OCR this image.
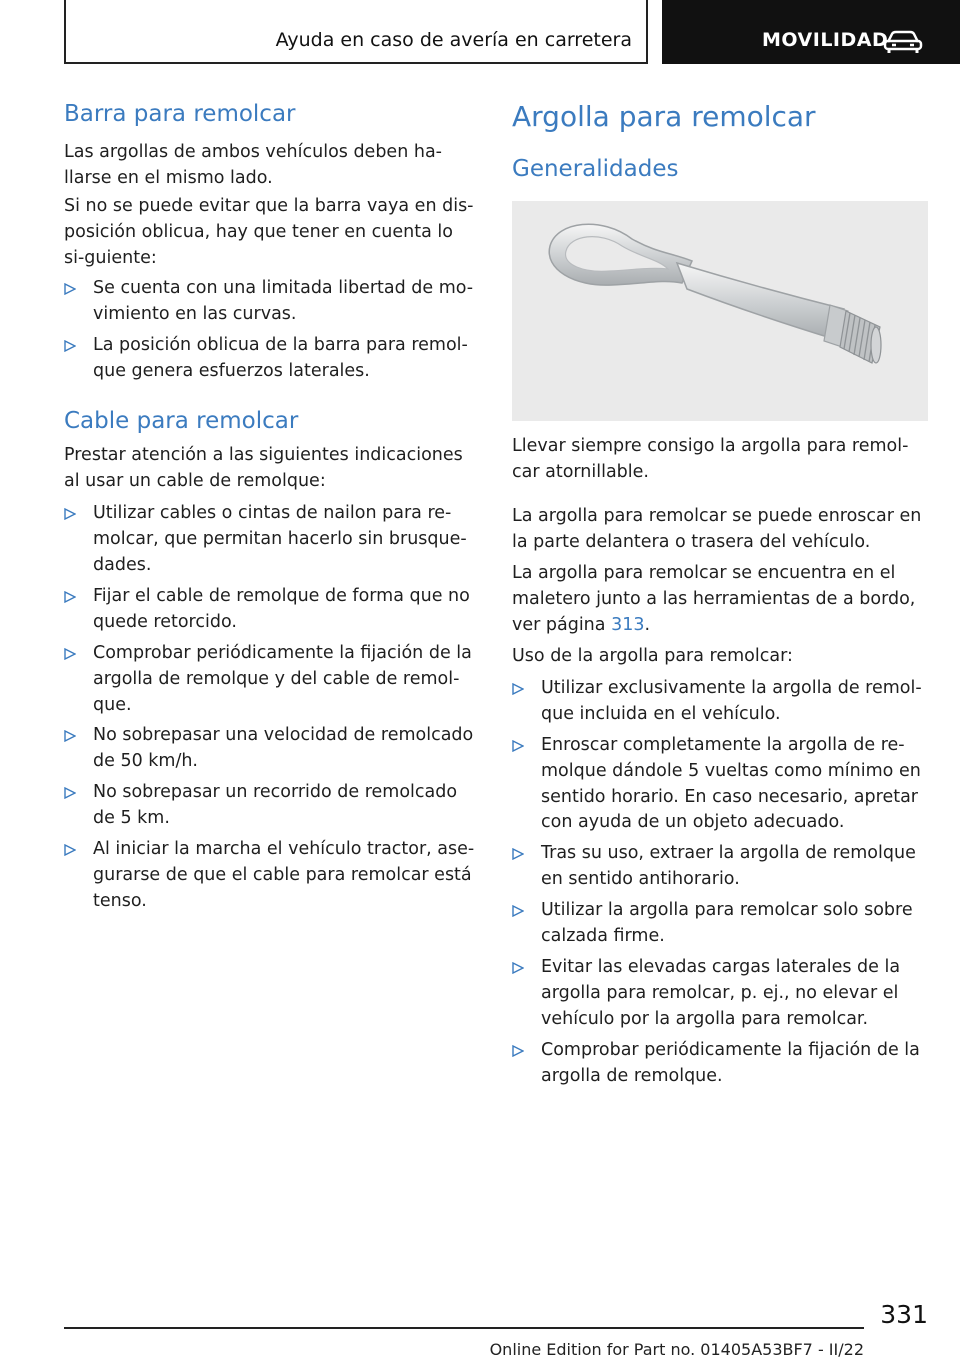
Ayuda en caso de avería en carretera	MOVILIDAD
Barra para remolcar

Las argollas de ambos vehículos deben ha-llarse en el mismo lado.

Si no se puede evitar que la barra vaya en dis-posición oblicua, hay que tener en cuenta lo si-guiente:

Se cuenta con una limitada libertad de mo-vimiento en las curvas.

La posición oblicua de la barra para remol-que genera esfuerzos laterales.

Cable para remolcar

Prestar atención a las siguientes indicaciones al usar un cable de remolque:

Utilizar cables o cintas de nailon para re-molcar, que permitan hacerlo sin brusque-dades.

Fijar el cable de remolque de forma que no quede retorcido.

Comprobar periódicamente la fijación de la argolla de remolque y del cable de remol-que.

No sobrepasar una velocidad de remolcado de 50 km/h.

No sobrepasar un recorrido de remolcado de 5 km.

Al iniciar la marcha el vehículo tractor, ase-gurarse de que el cable para remolcar está tenso.

Argolla para remolcar
Generalidades

Llevar siempre consigo la argolla para remol-car atornillable.

La argolla para remolcar se puede enroscar en la parte delantera o trasera del vehículo.

La argolla para remolcar se encuentra en el maletero junto a las herramientas de a bordo, ver página 313.

Uso de la argolla para remolcar:

Utilizar exclusivamente la argolla de remol-que incluida en el vehículo.

Enroscar completamente la argolla de re-molque dándole 5 vueltas como mínimo en sentido horario. En caso necesario, apretar con ayuda de un objeto adecuado.

Tras su uso, extraer la argolla de remolque en sentido antihorario.

Utilizar la argolla para remolcar solo sobre calzada firme.

Evitar las elevadas cargas laterales de la argolla para remolcar, p. ej., no elevar el vehículo por la argolla para remolcar.

Comprobar periódicamente la fijación de la argolla de remolque.

331
Online Edition for Part no. 01405A53BF7 - II/22
